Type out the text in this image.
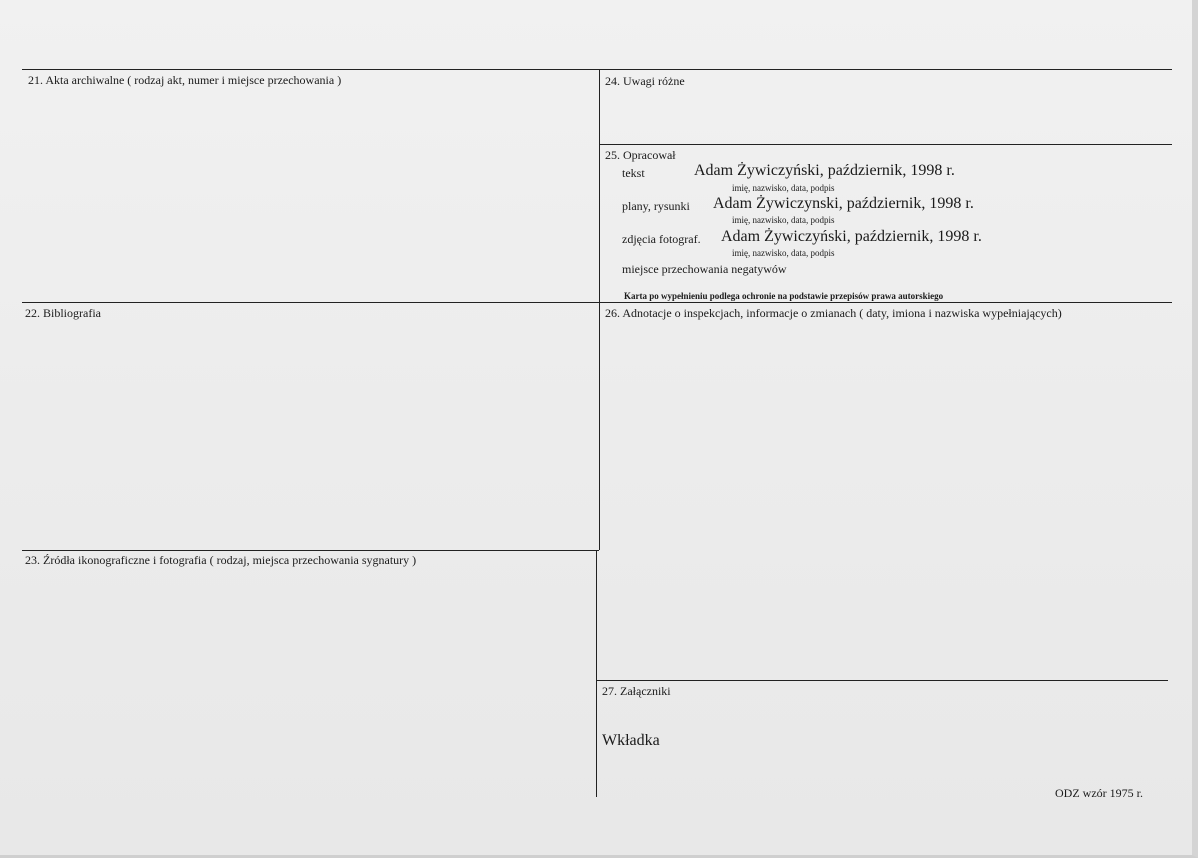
21. Akta archiwalne ( rodzaj akt, numer i miejsce przechowania )
22. Bibliografia
23. Źródła ikonograficzne i fotografia ( rodzaj, miejsca przechowania sygnatury )
24. Uwagi różne
25. Opracował
tekst	Adam Żywiczyński, październik, 1998 r.
imię, nazwisko, data, podpis
plany, rysunki Adam Żywiczynski, październik, 1998 r.
imię, nazwisko, data, podpis
zdjęcia fotograf. Adam Żywiczyński, październik, 1998 r.
imię, nazwisko, data, podpis
miejsce przechowania negatywów
Karta po wypełnieniu podlega ochronie na podstawie przepisów prawa autorskiego
26. Adnotacje o inspekcjach, informacje o zmianach ( daty, imiona i nazwiska wypełniających)
27. Załączniki
Wkładka
ODZ wzór 1975 r.
